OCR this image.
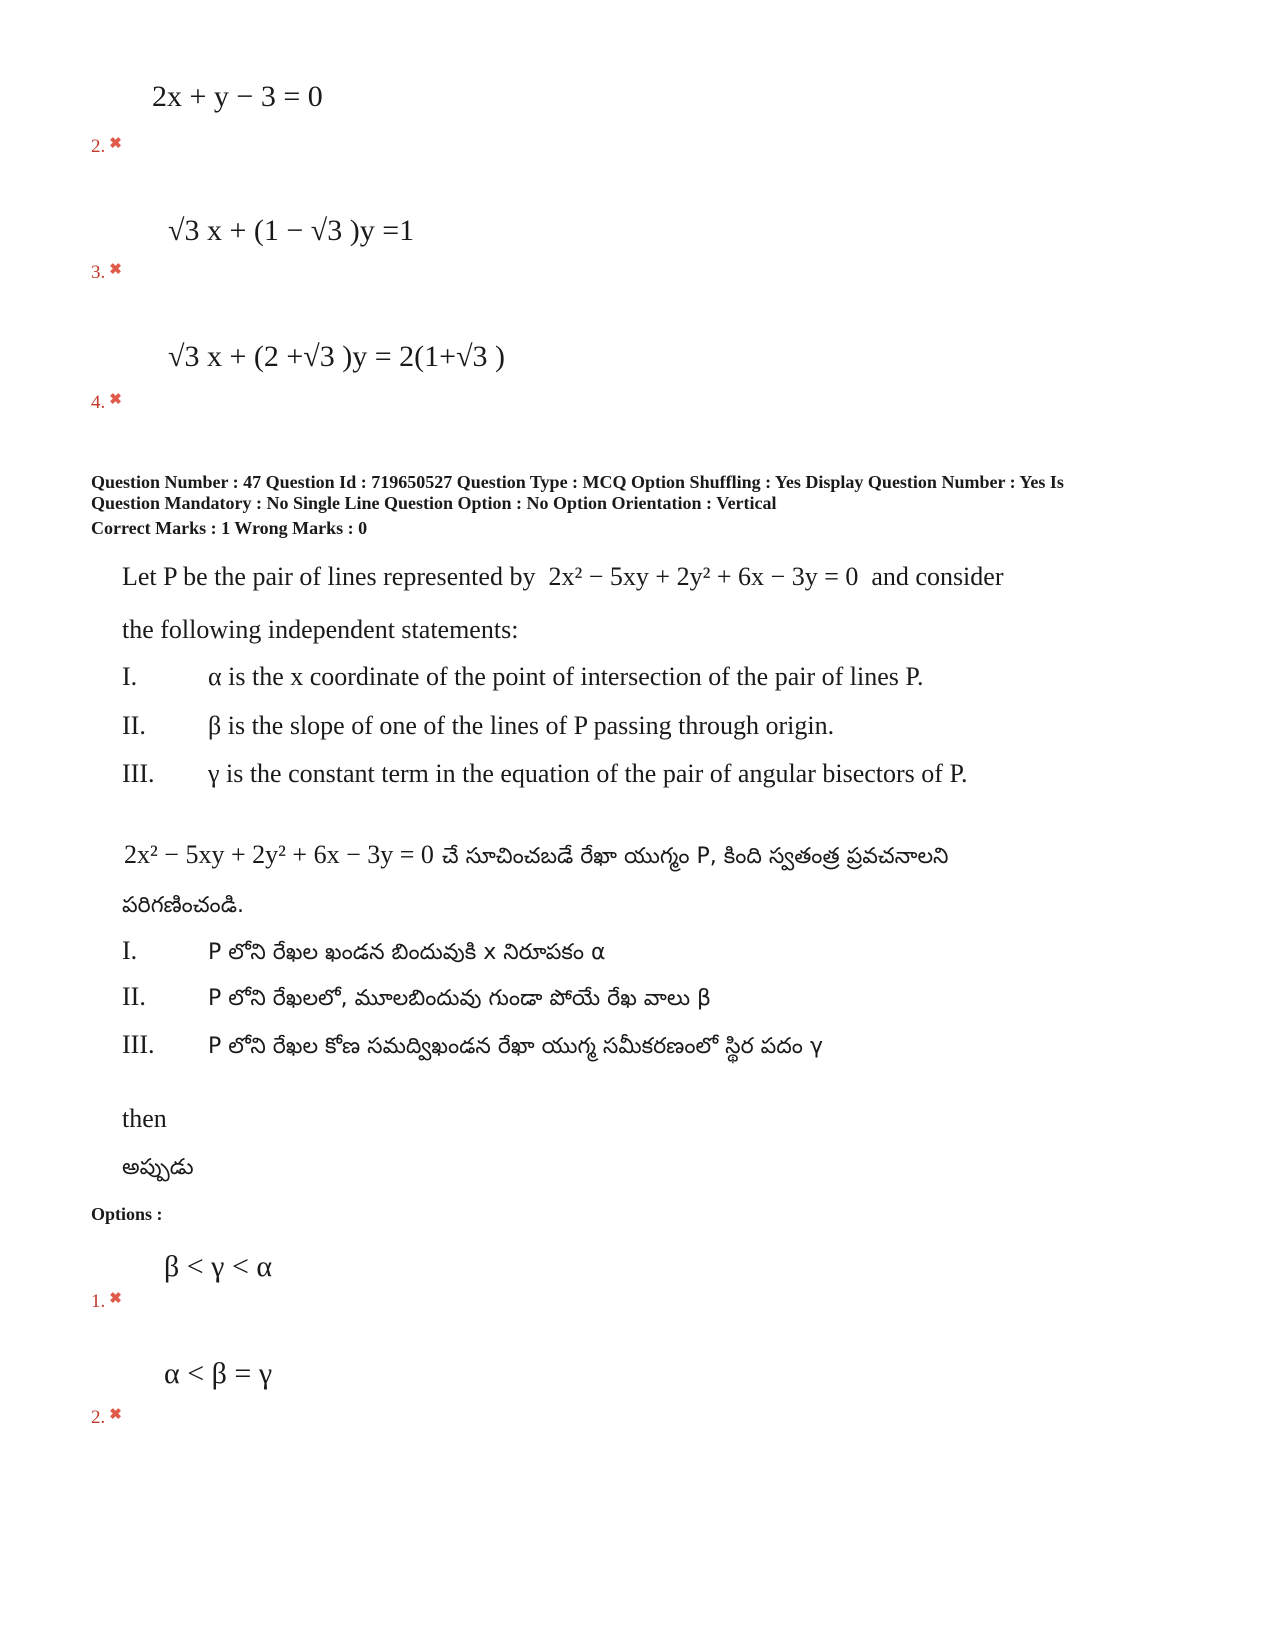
2x + y − 3 = 0
2. ✖
√3 x + (1 − √3 )y =1
3. ✖
√3 x + (2 +√3 )y = 2(1+√3 )
4. ✖
Question Number : 47 Question Id : 719650527 Question Type : MCQ Option Shuffling : Yes Display Question Number : Yes Is
Question Mandatory : No Single Line Question Option : No Option Orientation : Vertical
Correct Marks : 1 Wrong Marks : 0
Let P be the pair of lines represented by 2x² − 5xy + 2y² + 6x − 3y = 0 and consider
the following independent statements:
I.	α is the x coordinate of the point of intersection of the pair of lines P.
II. β is the slope of one of the lines of P passing through origin.
III. γ is the constant term in the equation of the pair of angular bisectors of P.
2x² − 5xy + 2y² + 6x − 3y = 0 చే సూచించబడే రేఖా యుగ్మం P, కింది స్వతంత్ర ప్రవచనాలని
పరిగణించండి.
I.	P లోని రేఖల ఖండన బిందువుకి x నిరూపకం α
II.	P లోని రేఖలలో, మూలబిందువు గుండా పోయే రేఖ వాలు β
III. P లోని రేఖల కోణ సమద్విఖండన రేఖా యుగ్మ సమీకరణంలో స్థిర పదం γ
then
అప్పుడు
Options :
β < γ < α
1. ✖
α < β = γ
2. ✖
